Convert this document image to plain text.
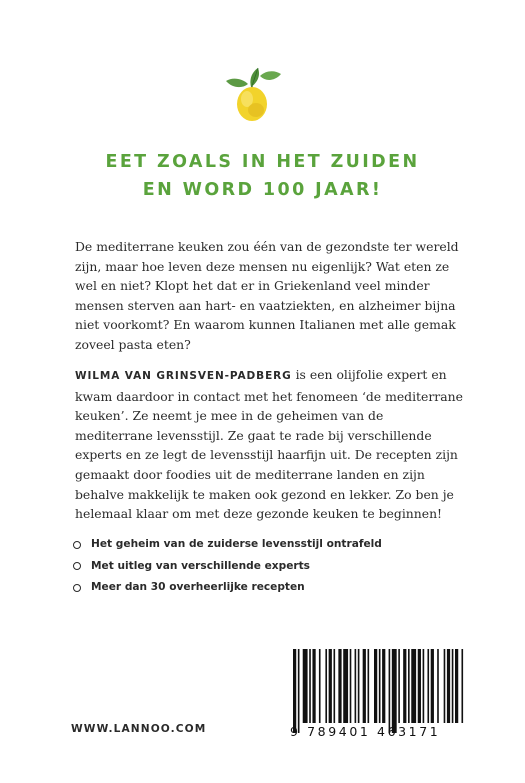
EET ZOALS IN HET ZUIDEN
EN WORD 100 JAAR!

De mediterrane keuken zou één van de gezondste ter wereld zijn, maar hoe leven deze mensen nu eigenlijk? Wat eten ze wel en niet? Klopt het dat er in Griekenland veel minder mensen sterven aan hart- en vaatziekten, en alzheimer bijna niet voorkomt? En waarom kunnen Italianen met alle gemak zoveel pasta eten?

WILMA VAN GRINSVEN-PADBERG is een olijfolie expert en kwam daardoor in contact met het fenomeen ‘de mediterrane keuken’. Ze neemt je mee in de geheimen van de mediterrane levensstijl. Ze gaat te rade bij verschillende experts en ze legt de levensstijl haarfijn uit. De recepten zijn gemaakt door foodies uit de mediterrane landen en zijn behalve makkelijk te maken ook gezond en lekker. Zo ben je helemaal klaar om met deze gezonde keuken te beginnen!

Het geheim van de zuiderse levensstijl ontrafeld
Met uitleg van verschillende experts
Meer dan 30 overheerlijke recepten
WWW.LANNOO.COM	9 789401 463171
